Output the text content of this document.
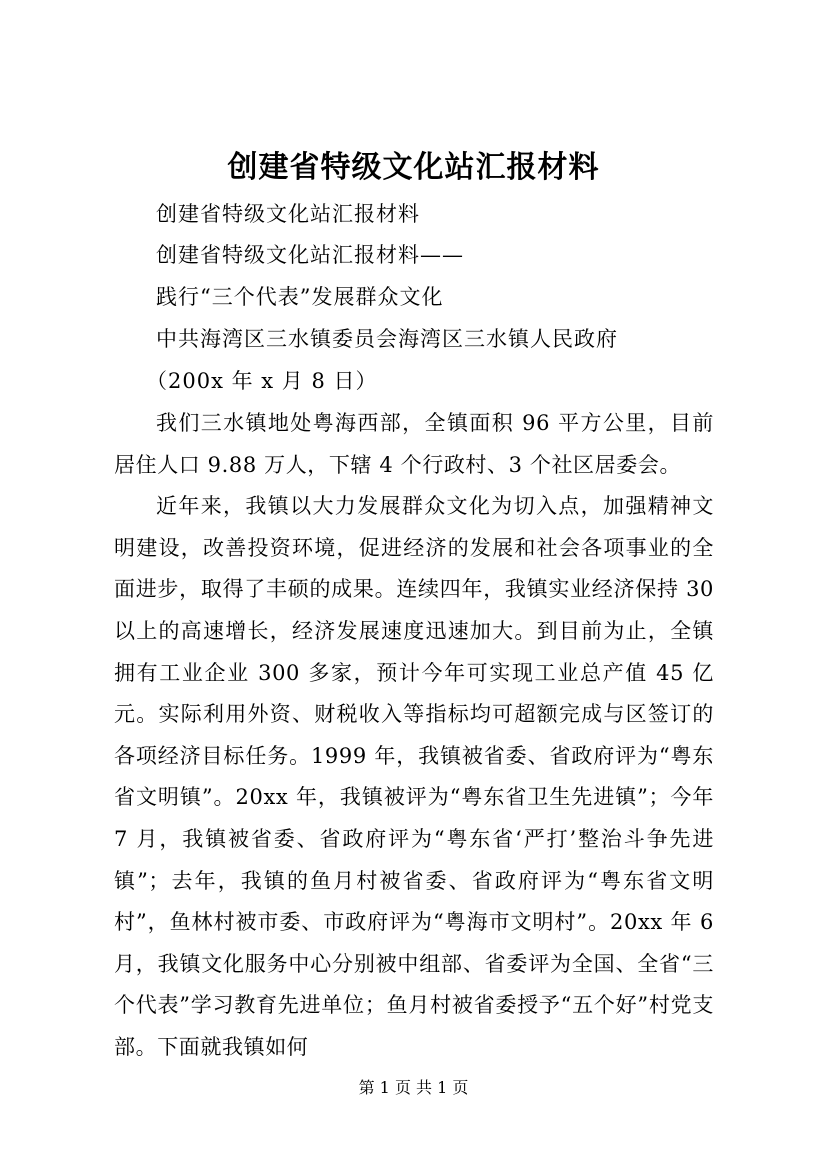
创建省特级文化站汇报材料
创建省特级文化站汇报材料
创建省特级文化站汇报材料——
践行“三个代表”发展群众文化
中共海湾区三水镇委员会海湾区三水镇人民政府
（200x 年 x 月 8 日）

我们三水镇地处粤海西部，全镇面积 96 平方公里，目前居住人口 9.88 万人，下辖 4 个行政村、3 个社区居委会。

近年来，我镇以大力发展群众文化为切入点，加强精神文明建设，改善投资环境，促进经济的发展和社会各项事业的全面进步，取得了丰硕的成果。连续四年，我镇实业经济保持 30 以上的高速增长，经济发展速度迅速加大。到目前为止，全镇拥有工业企业 300 多家，预计今年可实现工业总产值 45 亿元。实际利用外资、财税收入等指标均可超额完成与区签订的各项经济目标任务。1999 年，我镇被省委、省政府评为“粤东省文明镇”。20xx 年，我镇被评为“粤东省卫生先进镇”；今年 7 月，我镇被省委、省政府评为“粤东省‘严打’整治斗争先进镇”；去年，我镇的鱼月村被省委、省政府评为“粤东省文明村”，鱼林村被市委、市政府评为“粤海市文明村”。20xx 年 6 月，我镇文化服务中心分别被中组部、省委评为全国、全省“三个代表”学习教育先进单位；鱼月村被省委授予“五个好”村党支部。下面就我镇如何

第 1 页 共 1 页
